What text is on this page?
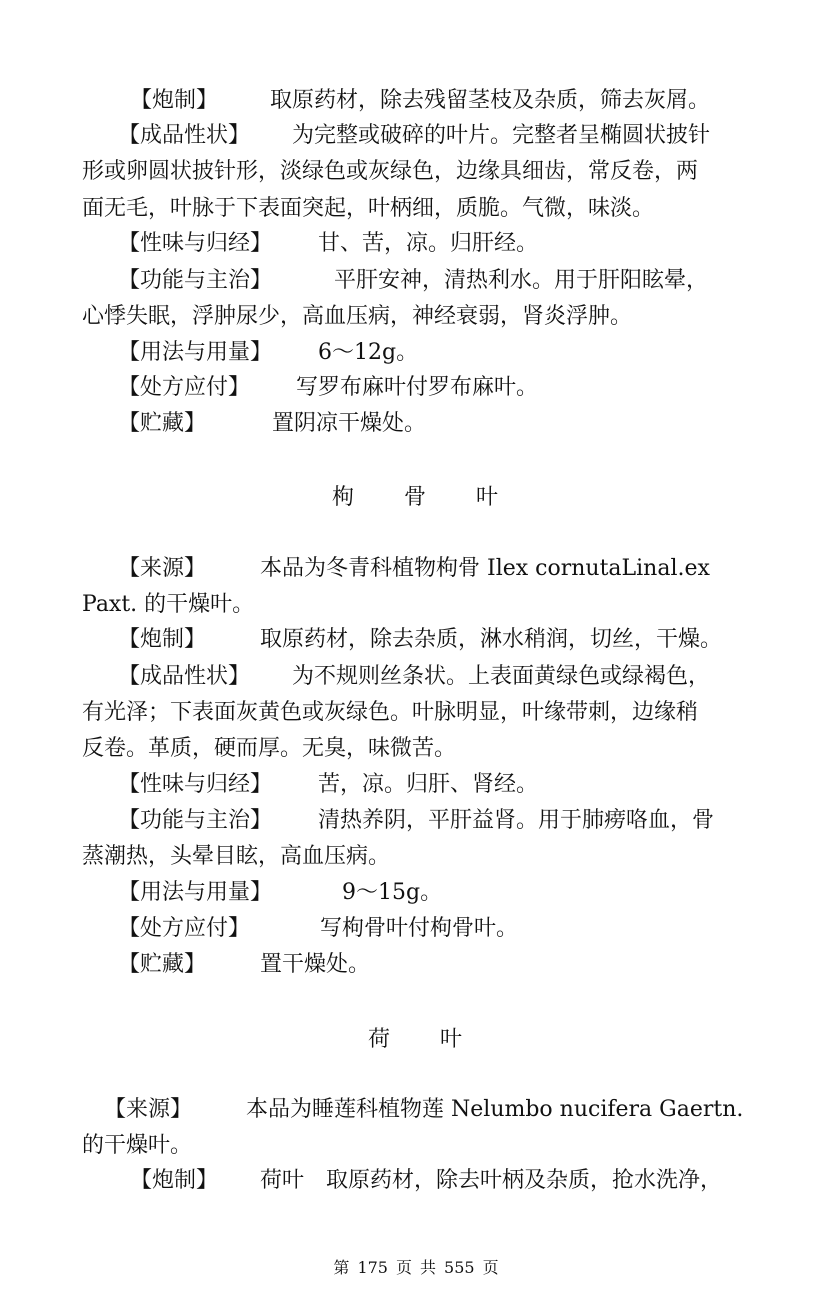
【炮制】 取原药材，除去残留茎枝及杂质，筛去灰屑。
【成品性状】 为完整或破碎的叶片。完整者呈椭圆状披针
形或卵圆状披针形，淡绿色或灰绿色，边缘具细齿，常反卷，两
面无毛，叶脉于下表面突起，叶柄细，质脆。气微，味淡。
【性味与归经】 甘、苦，凉。归肝经。
【功能与主治】	平肝安神，清热利水。用于肝阳眩晕，
心悸失眠，浮肿尿少，高血压病，神经衰弱，肾炎浮肿。
【用法与用量】 6～12g。
【处方应付】 写罗布麻叶付罗布麻叶。
【贮藏】	置阴凉干燥处。
枸 骨 叶
【来源】 本品为冬青科植物枸骨 Ilex cornutaLinal.ex
Paxt. 的干燥叶。
【炮制】 取原药材，除去杂质，淋水稍润，切丝，干燥。
【成品性状】 为不规则丝条状。上表面黄绿色或绿褐色，
有光泽；下表面灰黄色或灰绿色。叶脉明显，叶缘带刺，边缘稍
反卷。革质，硬而厚。无臭，味微苦。
【性味与归经】 苦，凉。归肝、肾经。
【功能与主治】 清热养阴，平肝益肾。用于肺痨咯血，骨
蒸潮热，头晕目眩，高血压病。
【用法与用量】	9～15g。
【处方应付】	写枸骨叶付枸骨叶。
【贮藏】 置干燥处。
荷 叶
【来源】 本品为睡莲科植物莲 Nelumbo nucifera Gaertn.
的干燥叶。
【炮制】 荷叶　取原药材，除去叶柄及杂质，抢水洗净，
第 175 页 共 555 页
